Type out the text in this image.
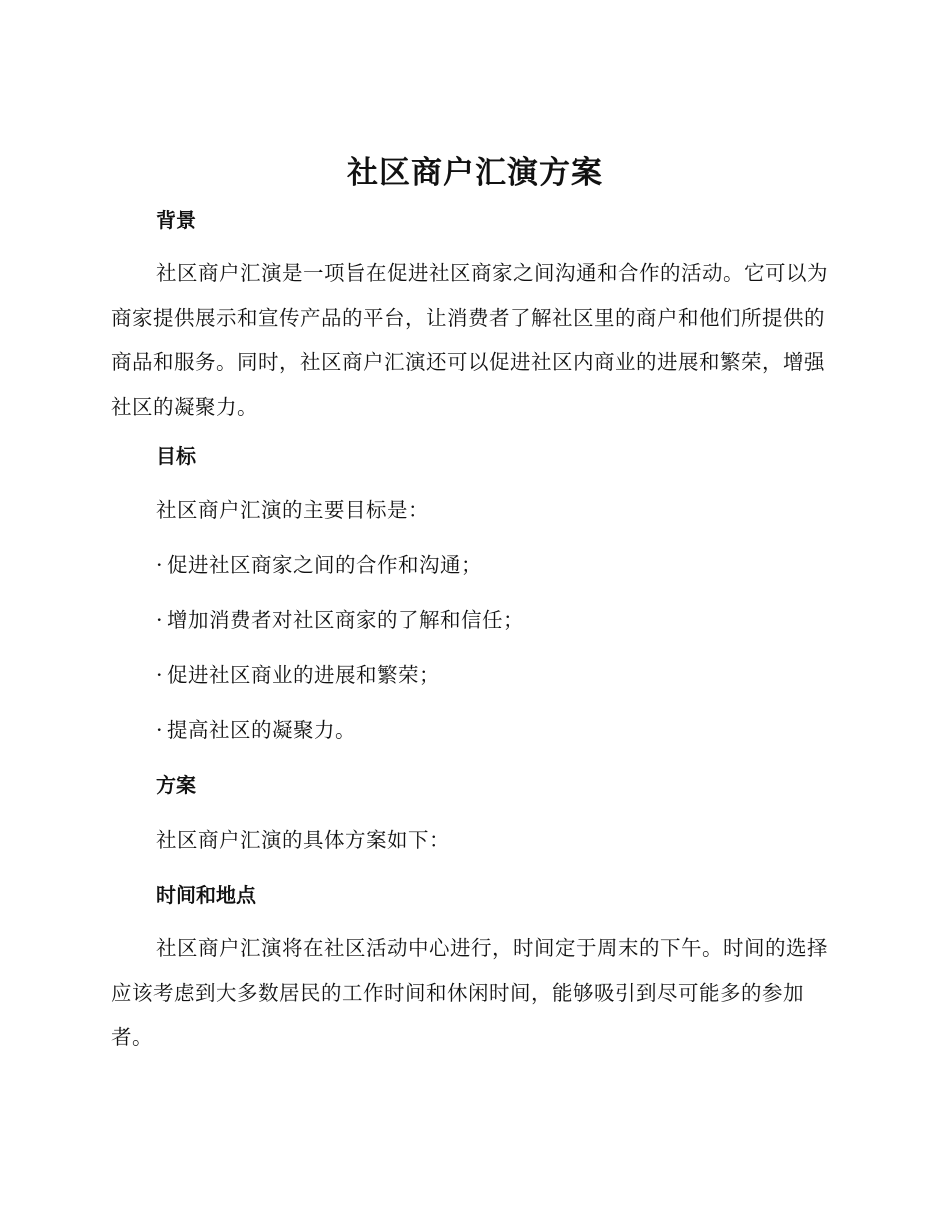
社区商户汇演方案
背景

社区商户汇演是一项旨在促进社区商家之间沟通和合作的活动。它可以为商家提供展示和宣传产品的平台，让消费者了解社区里的商户和他们所提供的商品和服务。同时，社区商户汇演还可以促进社区内商业的进展和繁荣，增强社区的凝聚力。

目标
社区商户汇演的主要目标是：
· 促进社区商家之间的合作和沟通；
· 增加消费者对社区商家的了解和信任；
· 促进社区商业的进展和繁荣；
· 提高社区的凝聚力。
方案
社区商户汇演的具体方案如下：
时间和地点

社区商户汇演将在社区活动中心进行，时间定于周末的下午。时间的选择应该考虑到大多数居民的工作时间和休闲时间，能够吸引到尽可能多的参加者。
